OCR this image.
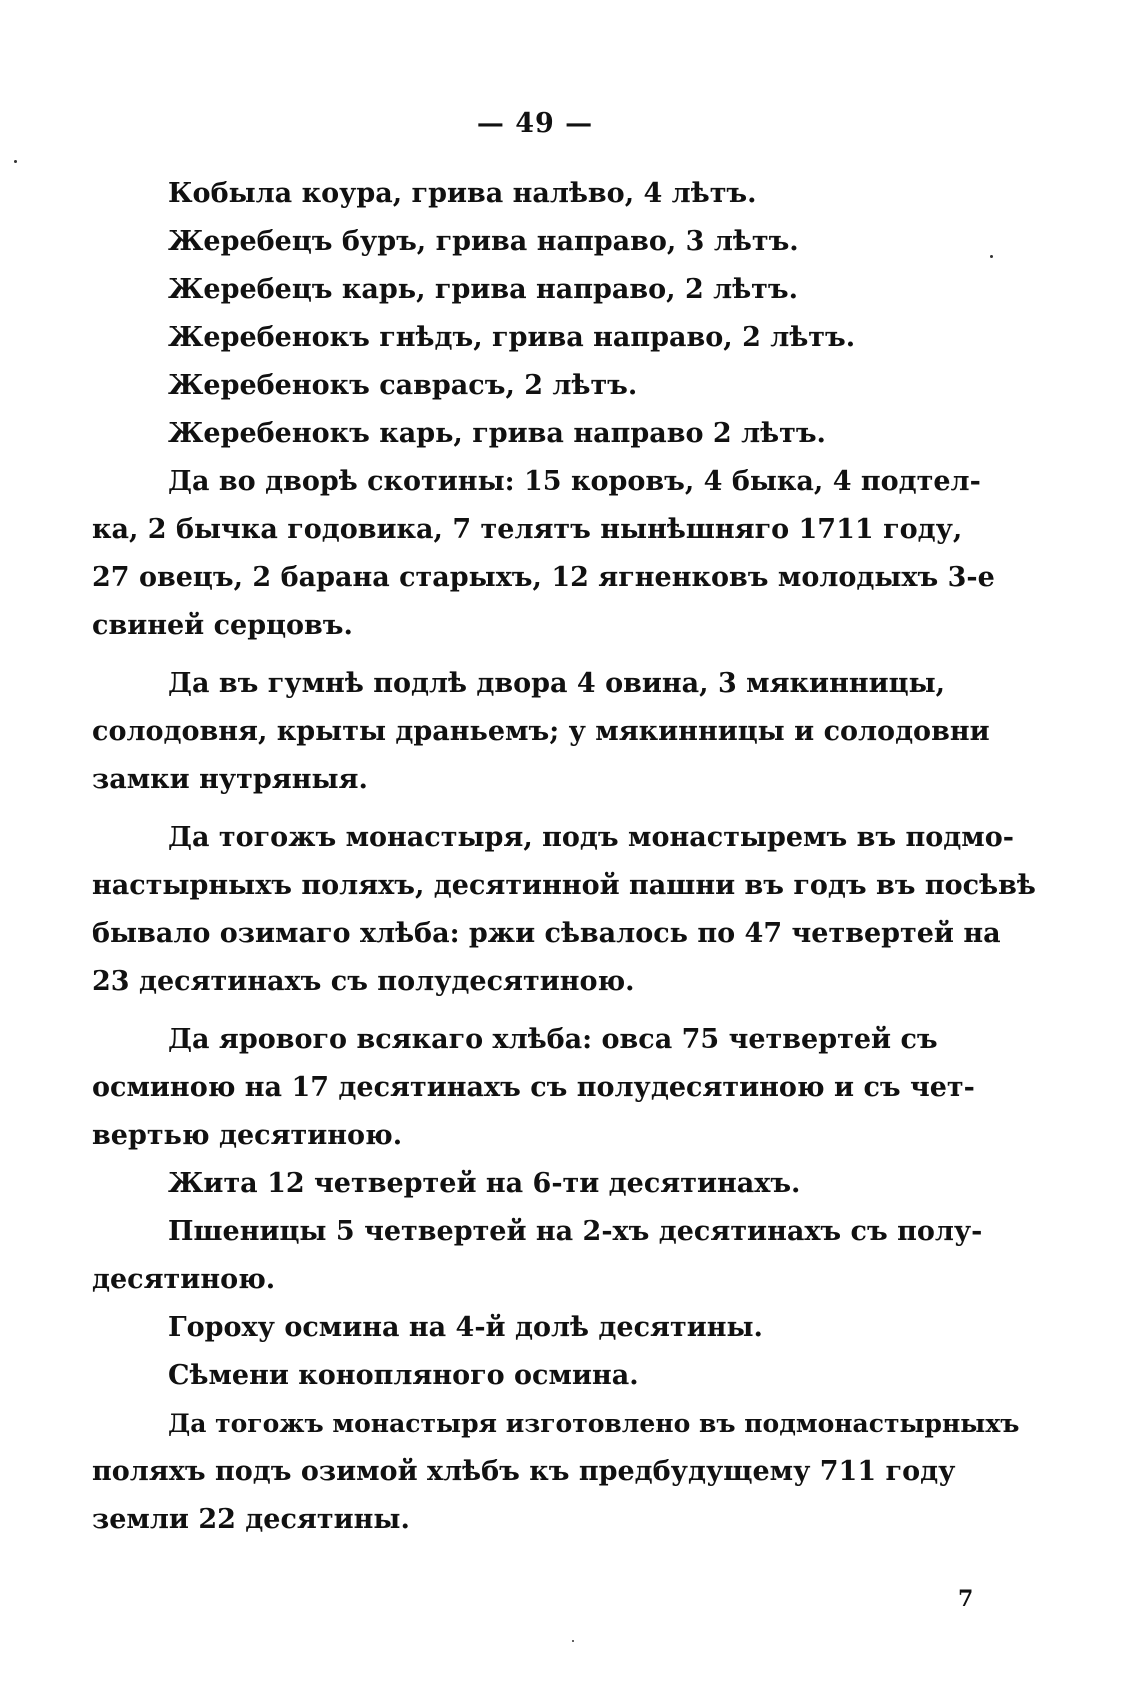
— 49 —
Кобыла коура, грива налѣво, 4 лѣтъ.
Жеребецъ буръ, грива направо, 3 лѣтъ.
Жеребецъ карь, грива направо, 2 лѣтъ.
Жеребенокъ гнѣдъ, грива направо, 2 лѣтъ.
Жеребенокъ саврасъ, 2 лѣтъ.
Жеребенокъ карь, грива направо 2 лѣтъ.
Да во дворѣ скотины: 15 коровъ, 4 быка, 4 подтел-
ка, 2 бычка годовика, 7 телятъ нынѣшняго 1711 году,
27 овецъ, 2 барана старыхъ, 12 ягненковъ молодыхъ 3-е
свиней серцовъ.
Да въ гумнѣ подлѣ двора 4 овина, 3 мякинницы,
солодовня, крыты драньемъ; у мякинницы и солодовни
замки нутряныя.
Да тогожъ монастыря, подъ монастыремъ въ подмо-
настырныхъ поляхъ, десятинной пашни въ годъ въ посѣвѣ
бывало озимаго хлѣба: ржи сѣвалось по 47 четвертей на
23 десятинахъ съ полудесятиною.
Да ярового всякаго хлѣба: овса 75 четвертей съ
осминою на 17 десятинахъ съ полудесятиною и съ чет-
вертью десятиною.
Жита 12 четвертей на 6-ти десятинахъ.
Пшеницы 5 четвертей на 2-хъ десятинахъ съ полу-
десятиною.
Гороху осмина на 4-й долѣ десятины.
Сѣмени конопляного осмина.
Да тогожъ монастыря изготовлено въ подмонастырныхъ
поляхъ подъ озимой хлѣбъ къ предбудущему 711 году
земли 22 десятины.
7
